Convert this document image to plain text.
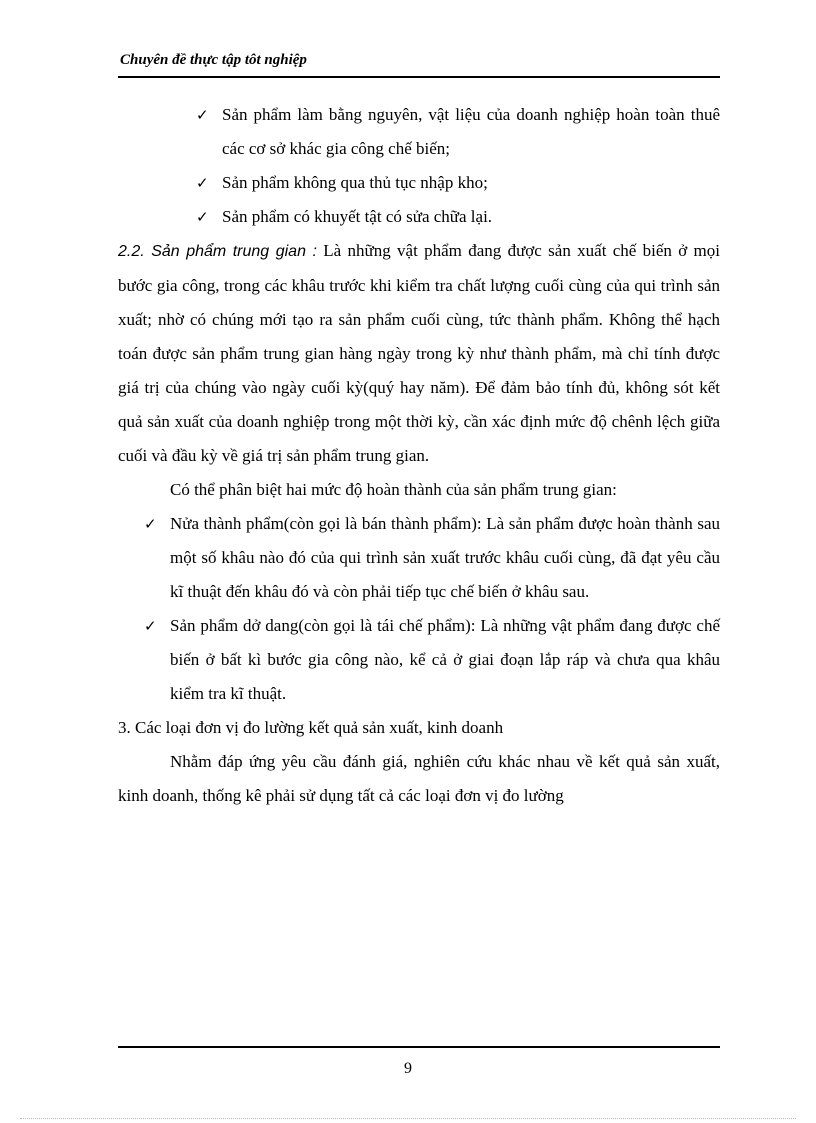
Chuyên đề thực tập tôt nghiệp
✓ Sản phẩm làm bằng nguyên, vật liệu của doanh nghiệp hoàn toàn thuê các cơ sở khác gia công chế biến;
✓ Sản phẩm không qua thủ tục nhập kho;
✓ Sản phẩm có khuyết tật có sửa chữa lại.

2.2. Sản phẩm trung gian : Là những vật phẩm đang được sản xuất chế biến ở mọi bước gia công, trong các khâu trước khi kiểm tra chất lượng cuối cùng của qui trình sản xuất; nhờ có chúng mới tạo ra sản phẩm cuối cùng, tức thành phẩm. Không thể hạch toán được sản phẩm trung gian hàng ngày trong kỳ như thành phẩm, mà chỉ tính được giá trị của chúng vào ngày cuối kỳ(quý hay năm). Để đảm bảo tính đủ, không sót kết quả sản xuất của doanh nghiệp trong một thời kỳ, cần xác định mức độ chênh lệch giữa cuối và đầu kỳ về giá trị sản phẩm trung gian.

Có thể phân biệt hai mức độ hoàn thành của sản phẩm trung gian:

✓ Nửa thành phẩm(còn gọi là bán thành phẩm): Là sản phẩm được hoàn thành sau một số khâu nào đó của qui trình sản xuất trước khâu cuối cùng, đã đạt yêu cầu kĩ thuật đến khâu đó và còn phải tiếp tục chế biến ở khâu sau.
✓ Sản phẩm dở dang(còn gọi là tái chế phẩm): Là những vật phẩm đang được chế biến ở bất kì bước gia công nào, kể cả ở giai đoạn lắp ráp và chưa qua khâu kiểm tra kĩ thuật.

3. Các loại đơn vị đo lường kết quả sản xuất, kinh doanh

Nhằm đáp ứng yêu cầu đánh giá, nghiên cứu khác nhau về kết quả sản xuất, kinh doanh, thống kê phải sử dụng tất cả các loại đơn vị đo lường

9
